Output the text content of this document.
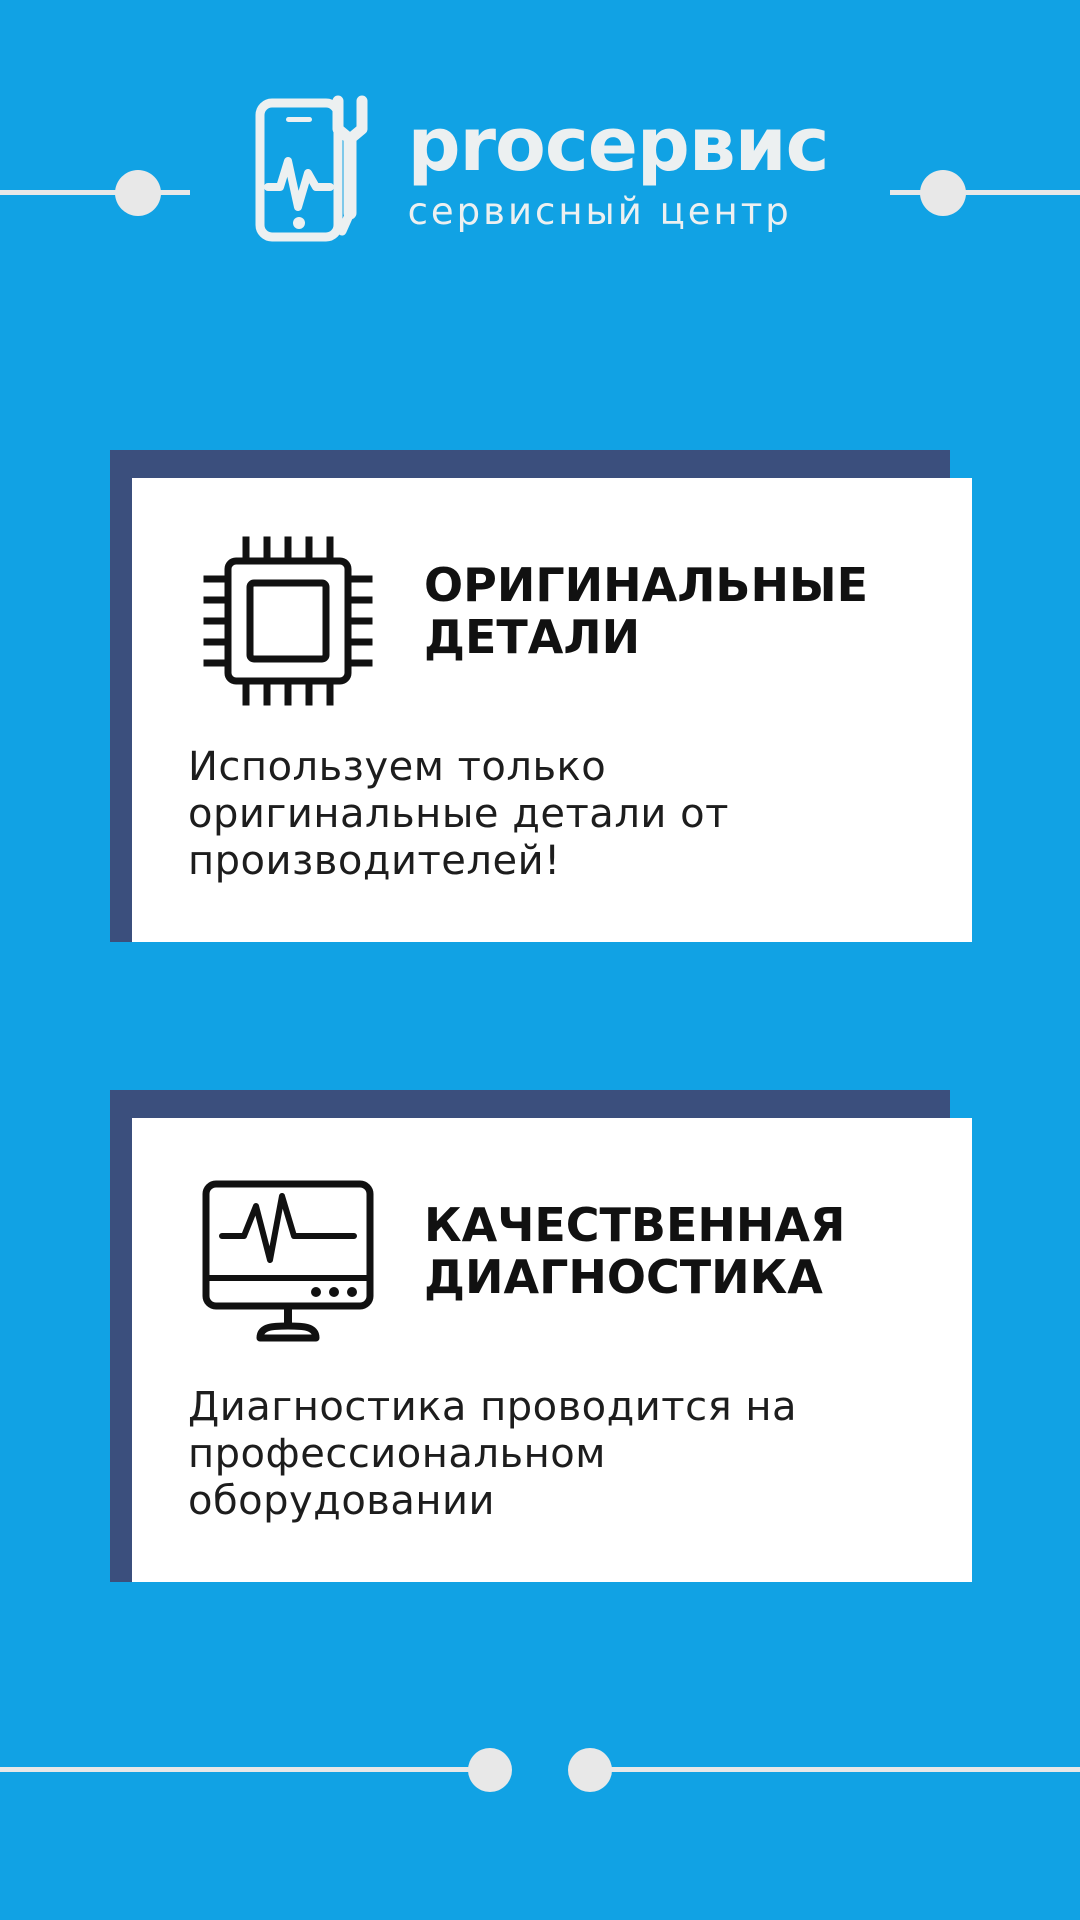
proсервис
сервисный центр
ОРИГИНАЛЬНЫЕ ДЕТАЛИ
Используем только оригинальные детали от производителей!
КАЧЕСТВЕННАЯ ДИАГНОСТИКА
Диагностика проводится на профессиональном оборудовании
